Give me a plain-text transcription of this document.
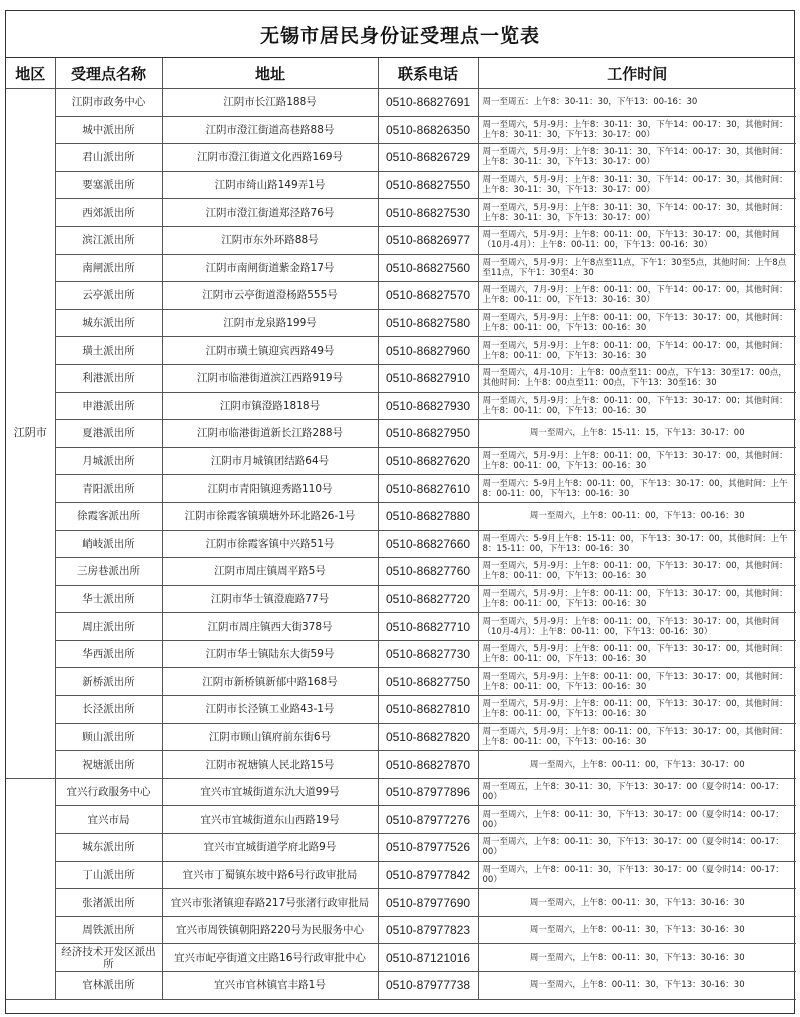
无锡市居民身份证受理点一览表
地区	受理点名称	地址	联系电话	工作时间
江阴市	江阴市政务中心	江阴市长江路188号	0510-86827691	周一至周五：上午8：30-11：30，下午13：00-16：30
	城中派出所	江阴市澄江街道高巷路88号	0510-86826350	周一至周六，5月-9月：上午8：30-11：30，下午14：00-17：30，其他时间：上午8：30-11：30，下午13：30-17：00）
	君山派出所	江阴市澄江街道文化西路169号	0510-86826729	周一至周六，5月-9月：上午8：30-11：30，下午14：00-17：30，其他时间：上午8：30-11：30，下午13：30-17：00）
	要塞派出所	江阴市绮山路149弄1号	0510-86827550	周一至周六，5月-9月：上午8：30-11：30，下午14：00-17：30，其他时间：上午8：30-11：30，下午13：30-17：00）
	西郊派出所	江阴市澄江街道郑泾路76号	0510-86827530	周一至周六，5月-9月：上午8：30-11：30，下午14：00-17：30，其他时间：上午8：30-11：30，下午13：30-17：00）
	滨江派出所	江阴市东外环路88号	0510-86826977	周一至周六，5月-9月：上午8：00-11：00，下午13：30-17：00，其他时间（10月-4月）：上午8：00-11：00，下午13：00-16：30）
	南闸派出所	江阴市南闸街道紫金路17号	0510-86827560	周一至周六，5月-9月：上午8点至11点，下午1：30至5点，其他时间：上午8点至11点，下午1：30至4：30
	云亭派出所	江阴市云亭街道澄杨路555号	0510-86827570	周一至周六，7月-9月：上午8：00-11：00，下午14：00-17：00，其他时间：上午8：00-11：00，下午13：30-16：30）
	城东派出所	江阴市龙泉路199号	0510-86827580	周一至周六，5月-9月：上午8：00-11：00，下午13：30-17：00，其他时间：上午8：00-11：00，下午13：00-16：30
	璜土派出所	江阴市璜土镇迎宾西路49号	0510-86827960	周一至周六，5月-9月：上午8：00-11：00，下午14：00-17：00，其他时间：上午8：00-11：00，下午13：30-16：30
	利港派出所	江阴市临港街道滨江西路919号	0510-86827910	周一至周六，4月-10月：上午8：00点至11：00点，下午13：30至17：00点，其他时间：上午8：00点至11：00点，下午13：30至16：30
	申港派出所	江阴市镇澄路1818号	0510-86827930	周一至周六，5月-9月：上午8：00-11：00，下午13：30-17：00；其他时间：上午8：00-11：00，下午13：00-16：30
	夏港派出所	江阴市临港街道新长江路288号	0510-86827950	周一至周六，上午8：15-11：15，下午13：30-17：00
	月城派出所	江阴市月城镇团结路64号	0510-86827620	周一至周六，5月-9月：上午8：00-11：00，下午13：30-17：00，其他时间：上午8：00-11：00，下午13：00-16：30
	青阳派出所	江阴市青阳镇迎秀路110号	0510-86827610	周一至周六：5-9月上午8：00-11：00，下午13：30-17：00，其他时间：上午8：00-11：00，下午13：00-16：30
	徐霞客派出所	江阴市徐霞客镇璜塘外环北路26-1号	0510-86827880	周一至周六，上午8：00-11：00，下午13：00-16：30
	峭岐派出所	江阴市徐霞客镇中兴路51号	0510-86827660	周一至周六：5-9月上午8：15-11：00，下午13：30-17：00，其他时间：上午8：15-11：00，下午13：00-16：30
	三房巷派出所	江阴市周庄镇周平路5号	0510-86827760	周一至周六，5月-9月：上午8：00-11：00，下午13：30-17：00，其他时间：上午8：00-11：00，下午13：00-16：30
	华士派出所	江阴市华士镇澄鹿路77号	0510-86827720	周一至周六，5月-9月：上午8：00-11：00，下午13：30-17：00，其他时间：上午8：00-11：00，下午13：00-16：30
	周庄派出所	江阴市周庄镇西大街378号	0510-86827710	周一至周六，5月-9月：上午8：00-11：00，下午13：30-17：00，其他时间（10月-4月）：上午8：00-11：00，下午13：00-16：30）
	华西派出所	江阴市华士镇陆东大街59号	0510-86827730	周一至周六，5月-9月：上午8：00-11：00，下午13：30-17：00，其他时间：上午8：00-11：00，下午13：00-16：30
	新桥派出所	江阴市新桥镇新郁中路168号	0510-86827750	周一至周六，5月-9月：上午8：00-11：00，下午13：30-17：00，其他时间：上午8：00-11：00，下午13：00-16：30
	长泾派出所	江阴市长泾镇工业路43-1号	0510-86827810	周一至周六，5月-9月：上午8：00-11：00，下午13：30-17：00，其他时间：上午8：00-11：00，下午13：00-16：30
	顾山派出所	江阴市顾山镇府前东街6号	0510-86827820	周一至周六，5月-9月：上午8：00-11：00，下午13：30-17：00，其他时间：上午8：00-11：00，下午13：00-16：30
	祝塘派出所	江阴市祝塘镇人民北路15号	0510-86827870	周一至周六，上午8：00-11：00，下午13：30-17：00
	宜兴行政服务中心	宜兴市宜城街道东氿大道99号	0510-87977896	周一至周五，上午8：30-11：30，下午13：30-17：00（夏令时14：00-17：00）
	宜兴市局	宜兴市宜城街道东山西路19号	0510-87977276	周一至周六，上午8：00-11：30，下午13：30-17：00（夏令时14：00-17：00）
	城东派出所	宜兴市宜城街道学府北路9号	0510-87977526	周一至周六，上午8：00-11：30，下午13：30-17：00（夏令时14：00-17：00）
	丁山派出所	宜兴市丁蜀镇东坡中路6号行政审批局	0510-87977842	周一至周六，上午8：00-11：30，下午13：30-17：00（夏令时14：00-17：00）
	张渚派出所	宜兴市张渚镇迎春路217号张渚行政审批局	0510-87977690	周一至周六，上午8：00-11：30，下午13：30-16：30
	周铁派出所	宜兴市周铁镇朝阳路220号为民服务中心	0510-87977823	周一至周六，上午8：00-11：30，下午13：30-16：30
	经济技术开发区派出所	宜兴市屺亭街道文庄路16号行政审批中心	0510-87121016	周一至周六，上午8：00-11：30，下午13：30-16：30
	官林派出所	宜兴市官林镇官丰路1号	0510-87977738	周一至周六，上午8：00-11：30，下午13：30-16：30
